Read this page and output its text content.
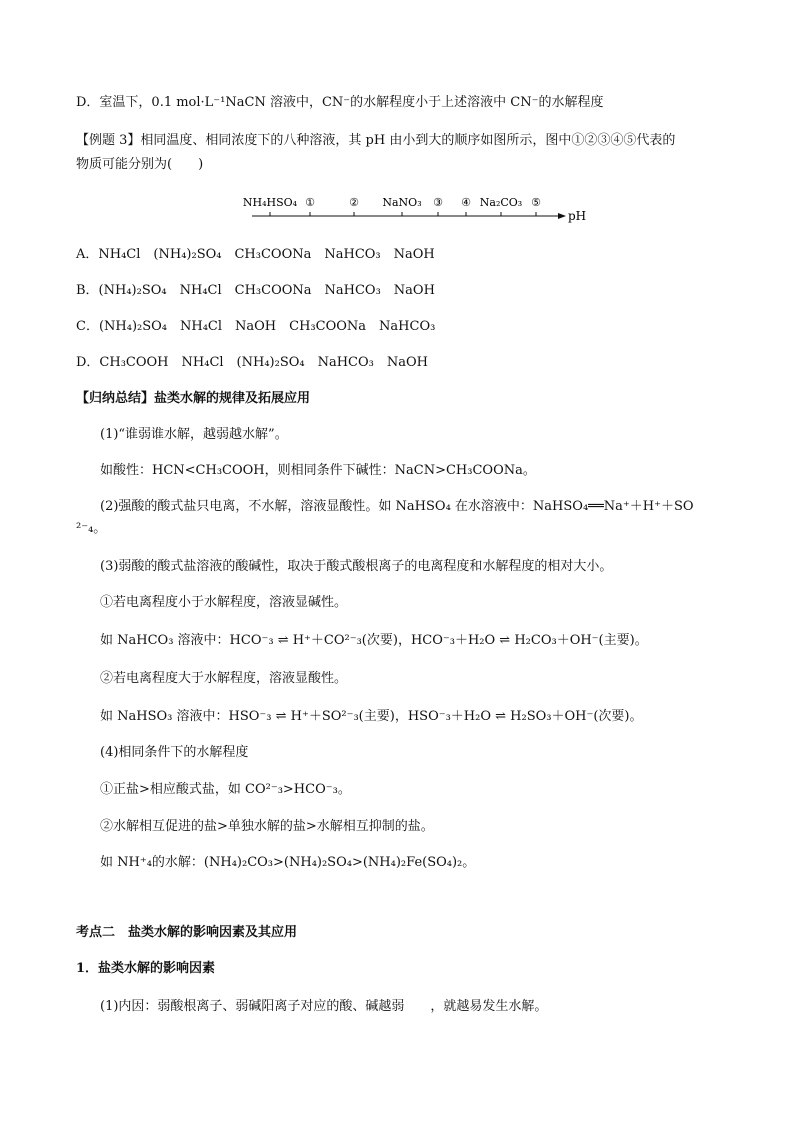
D．室温下，0.1 mol·L⁻¹NaCN 溶液中，CN⁻的水解程度小于上述溶液中 CN⁻的水解程度
【例题 3】相同温度、相同浓度下的八种溶液，其 pH 由小到大的顺序如图所示，图中①②③④⑤代表的
物质可能分别为(　　)
NH₄HSO₄ ①	② NaNO₃ ③ ④ Na₂CO₃ ⑤
pH
A．NH₄Cl　(NH₄)₂SO₄　CH₃COONa　NaHCO₃　NaOH
B．(NH₄)₂SO₄　NH₄Cl　CH₃COONa　NaHCO₃　NaOH
C．(NH₄)₂SO₄　NH₄Cl　NaOH　CH₃COONa　NaHCO₃
D．CH₃COOH　NH₄Cl　(NH₄)₂SO₄　NaHCO₃　NaOH
【归纳总结】盐类水解的规律及拓展应用
(1)“谁弱谁水解，越弱越水解”。
如酸性：HCN<CH₃COOH，则相同条件下碱性：NaCN>CH₃COONa。
(2)强酸的酸式盐只电离，不水解，溶液显酸性。如 NaHSO₄ 在水溶液中：NaHSO₄══Na⁺＋H⁺＋SO
²⁻₄。
(3)弱酸的酸式盐溶液的酸碱性，取决于酸式酸根离子的电离程度和水解程度的相对大小。
①若电离程度小于水解程度，溶液显碱性。
如 NaHCO₃ 溶液中：HCO⁻₃ ⇌ H⁺＋CO²⁻₃(次要)，HCO⁻₃＋H₂O ⇌ H₂CO₃＋OH⁻(主要)。
②若电离程度大于水解程度，溶液显酸性。
如 NaHSO₃ 溶液中：HSO⁻₃ ⇌ H⁺＋SO²⁻₃(主要)，HSO⁻₃＋H₂O ⇌ H₂SO₃＋OH⁻(次要)。
(4)相同条件下的水解程度
①正盐>相应酸式盐，如 CO²⁻₃>HCO⁻₃。
②水解相互促进的盐>单独水解的盐>水解相互抑制的盐。
如 NH⁺₄的水解：(NH₄)₂CO₃>(NH₄)₂SO₄>(NH₄)₂Fe(SO₄)₂。
考点二　盐类水解的影响因素及其应用
1．盐类水解的影响因素
(1)内因：弱酸根离子、弱碱阳离子对应的酸、碱越弱 ，就越易发生水解。
